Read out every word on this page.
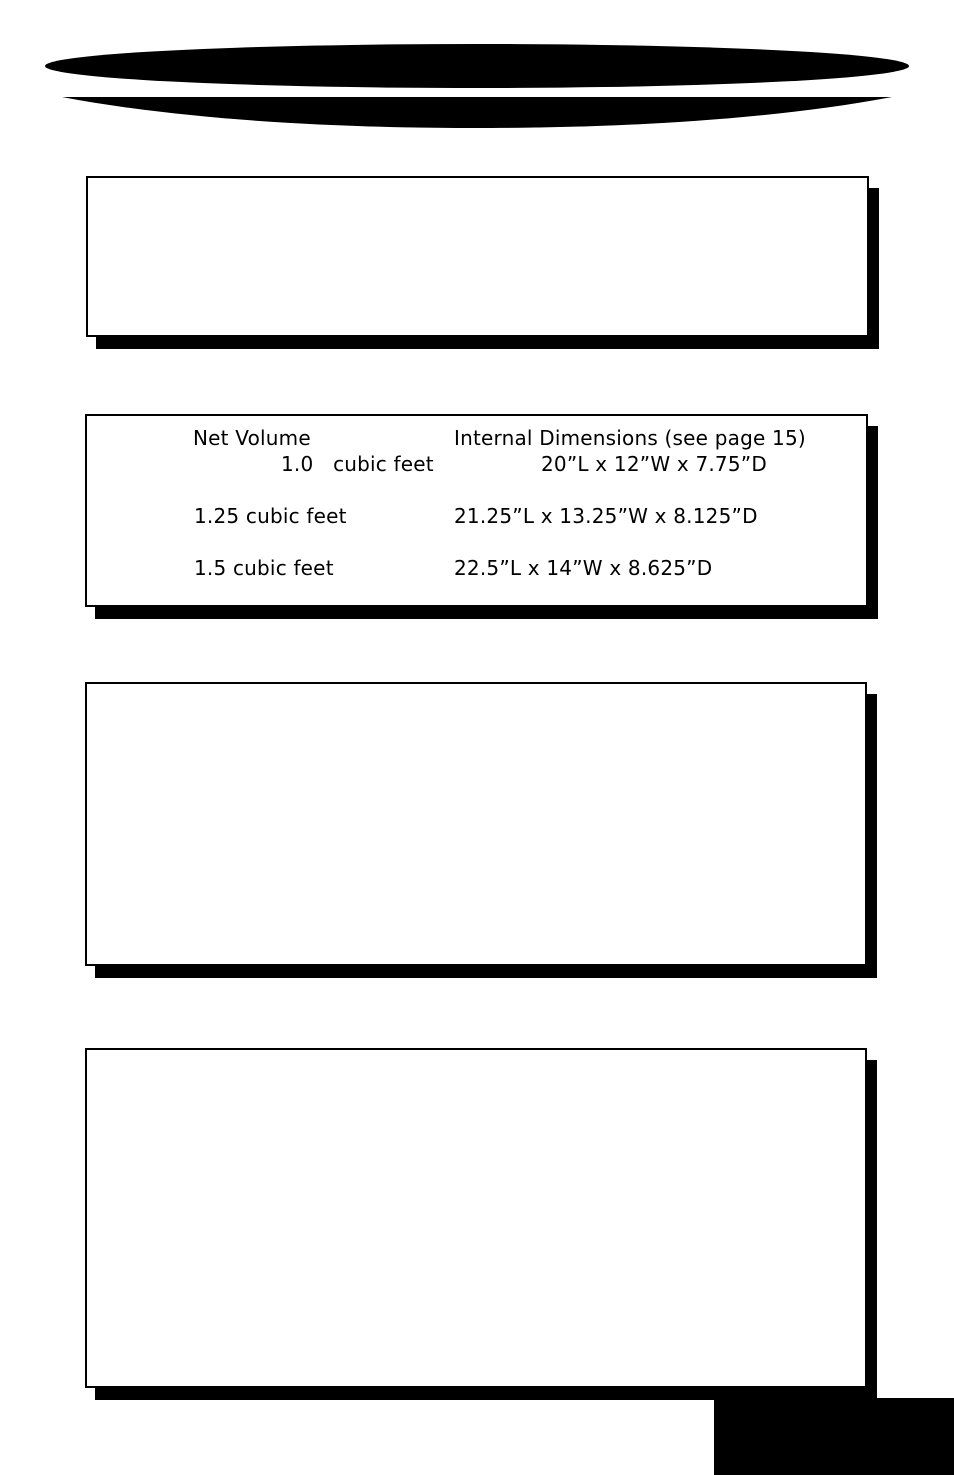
Net Volume	Internal Dimensions (see page 15)
1.0   cubic feet	20”L x 12”W x 7.75”D
1.25 cubic feet	21.25”L x 13.25”W x 8.125”D
1.5 cubic feet	22.5”L x 14”W x 8.625”D
